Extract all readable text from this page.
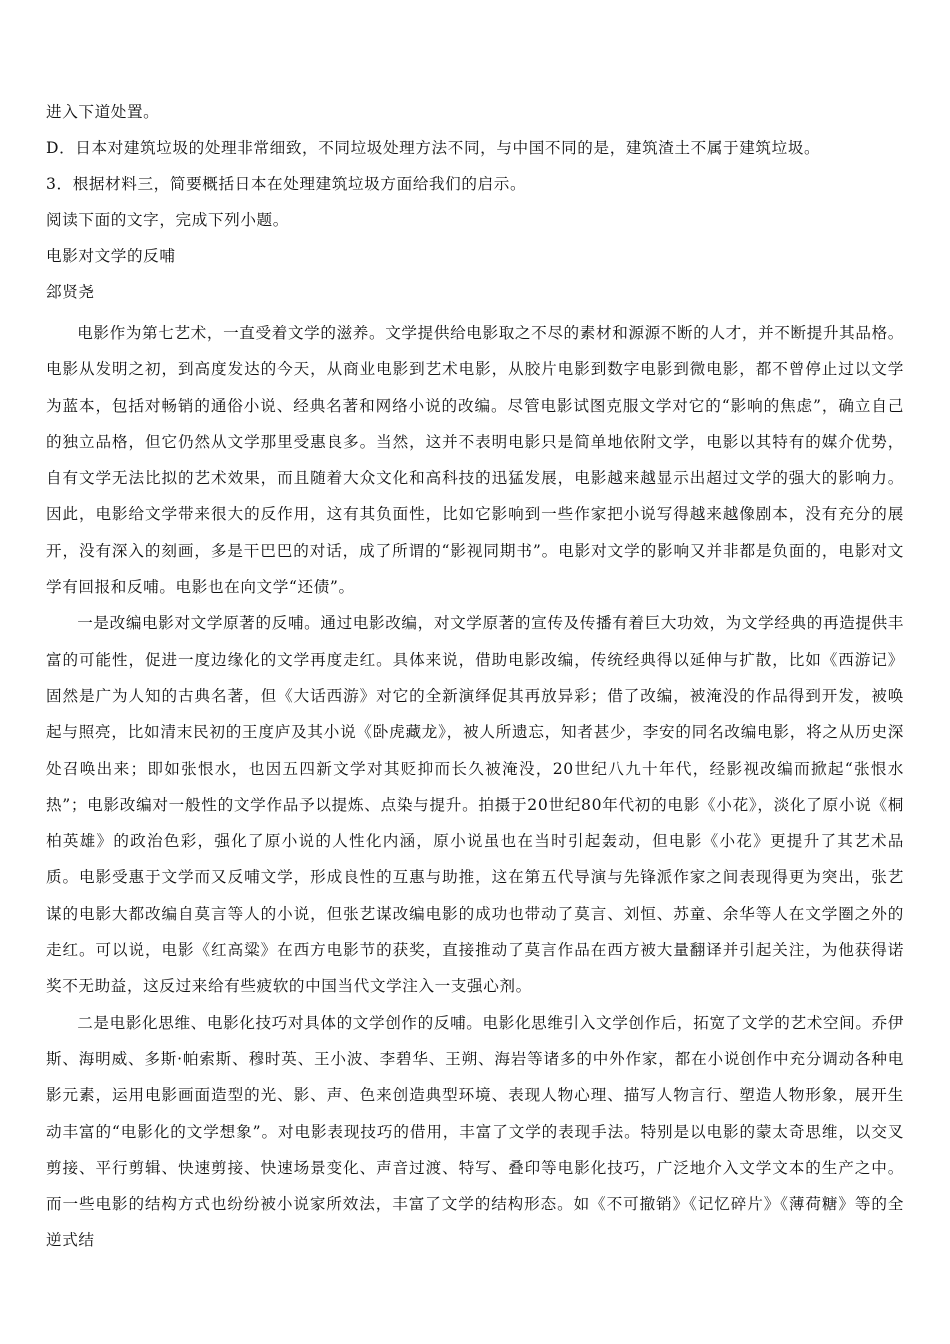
进入下道处置。
D．日本对建筑垃圾的处理非常细致，不同垃圾处理方法不同，与中国不同的是，建筑渣土不属于建筑垃圾。
3．根据材料三，简要概括日本在处理建筑垃圾方面给我们的启示。
阅读下面的文字，完成下列小题。
电影对文学的反哺
郐贤尧

电影作为第七艺术，一直受着文学的滋养。文学提供给电影取之不尽的素材和源源不断的人才，并不断提升其品格。电影从发明之初，到高度发达的今天，从商业电影到艺术电影，从胶片电影到数字电影到微电影，都不曾停止过以文学为蓝本，包括对畅销的通俗小说、经典名著和网络小说的改编。尽管电影试图克服文学对它的“影响的焦虑”，确立自己的独立品格，但它仍然从文学那里受惠良多。当然，这并不表明电影只是简单地依附文学，电影以其特有的媒介优势，自有文学无法比拟的艺术效果，而且随着大众文化和高科技的迅猛发展，电影越来越显示出超过文学的强大的影响力。因此，电影给文学带来很大的反作用，这有其负面性，比如它影响到一些作家把小说写得越来越像剧本，没有充分的展开，没有深入的刻画，多是干巴巴的对话，成了所谓的“影视同期书”。电影对文学的影响又并非都是负面的，电影对文学有回报和反哺。电影也在向文学“还债”。

一是改编电影对文学原著的反哺。通过电影改编，对文学原著的宣传及传播有着巨大功效，为文学经典的再造提供丰富的可能性，促进一度边缘化的文学再度走红。具体来说，借助电影改编，传统经典得以延伸与扩散，比如《西游记》固然是广为人知的古典名著，但《大话西游》对它的全新演绎促其再放异彩；借了改编，被淹没的作品得到开发，被唤起与照亮，比如清末民初的王度庐及其小说《卧虎藏龙》，被人所遗忘，知者甚少，李安的同名改编电影，将之从历史深处召唤出来；即如张恨水，也因五四新文学对其贬抑而长久被淹没，20世纪八九十年代，经影视改编而掀起“张恨水热”；电影改编对一般性的文学作品予以提炼、点染与提升。拍摄于20世纪80年代初的电影《小花》，淡化了原小说《桐柏英雄》的政治色彩，强化了原小说的人性化内涵，原小说虽也在当时引起轰动，但电影《小花》更提升了其艺术品质。电影受惠于文学而又反哺文学，形成良性的互惠与助推，这在第五代导演与先锋派作家之间表现得更为突出，张艺谋的电影大都改编自莫言等人的小说，但张艺谋改编电影的成功也带动了莫言、刘恒、苏童、余华等人在文学圈之外的走红。可以说，电影《红高粱》在西方电影节的获奖，直接推动了莫言作品在西方被大量翻译并引起关注，为他获得诺奖不无助益，这反过来给有些疲软的中国当代文学注入一支强心剂。

二是电影化思维、电影化技巧对具体的文学创作的反哺。电影化思维引入文学创作后，拓宽了文学的艺术空间。乔伊斯、海明威、多斯·帕索斯、穆时英、王小波、李碧华、王朔、海岩等诸多的中外作家，都在小说创作中充分调动各种电影元素，运用电影画面造型的光、影、声、色来创造典型环境、表现人物心理、描写人物言行、塑造人物形象，展开生动丰富的“电影化的文学想象”。对电影表现技巧的借用，丰富了文学的表现手法。特别是以电影的蒙太奇思维，以交叉剪接、平行剪辑、快速剪接、快速场景变化、声音过渡、特写、叠印等电影化技巧，广泛地介入文学文本的生产之中。而一些电影的结构方式也纷纷被小说家所效法，丰富了文学的结构形态。如《不可撤销》《记忆碎片》《薄荷糖》等的全逆式结
